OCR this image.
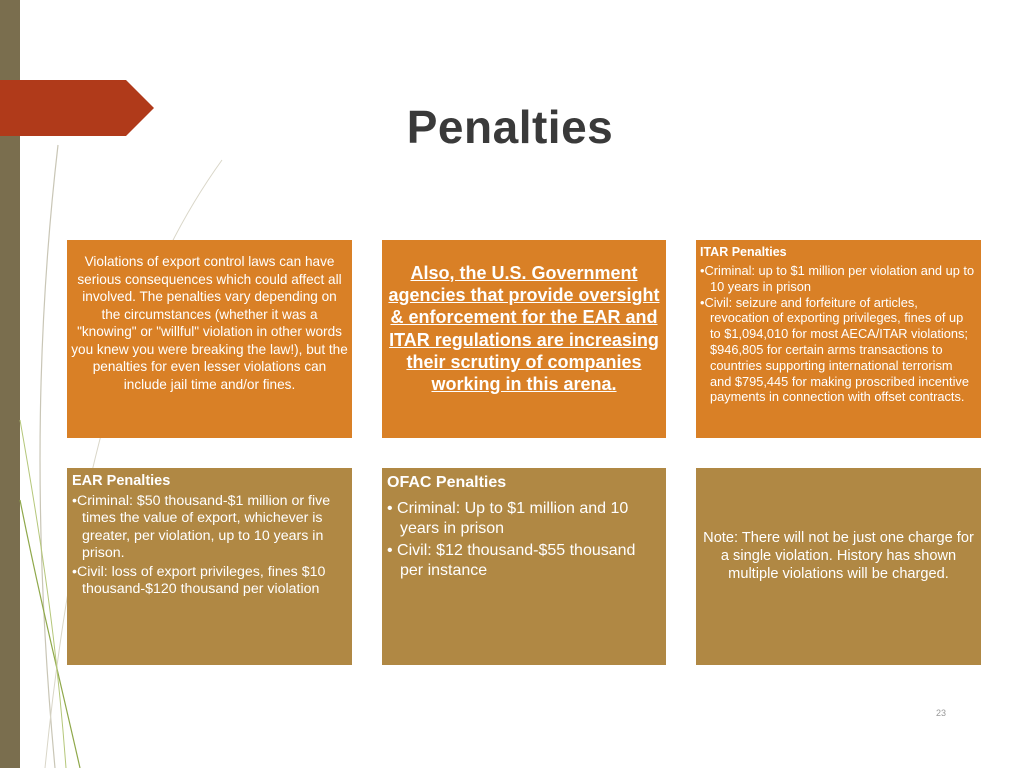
Penalties
Violations of export control laws can have serious consequences which could affect all involved. The penalties vary depending on the circumstances (whether it was a "knowing" or "willful" violation in other words you knew you were breaking the law!), but the penalties for even lesser violations can include jail time and/or fines.
Also, the U.S. Government agencies that provide oversight & enforcement for the EAR and ITAR regulations are increasing their scrutiny of companies working in this arena.
ITAR Penalties
•Criminal: up to $1 million per violation and up to 10 years in prison
•Civil: seizure and forfeiture of articles, revocation of exporting privileges, fines of up to $1,094,010 for most AECA/ITAR violations; $946,805 for certain arms transactions to countries supporting international terrorism and $795,445 for making proscribed incentive payments in connection with offset contracts.
EAR Penalties
•Criminal: $50 thousand-$1 million or five times the value of export, whichever is greater, per violation, up to 10 years in prison.
•Civil: loss of export privileges, fines $10 thousand-$120 thousand per violation
OFAC Penalties
• Criminal: Up to $1 million and 10 years in prison
• Civil: $12 thousand-$55 thousand per instance
Note: There will not be just one charge for a single violation. History has shown multiple violations will be charged.
23
